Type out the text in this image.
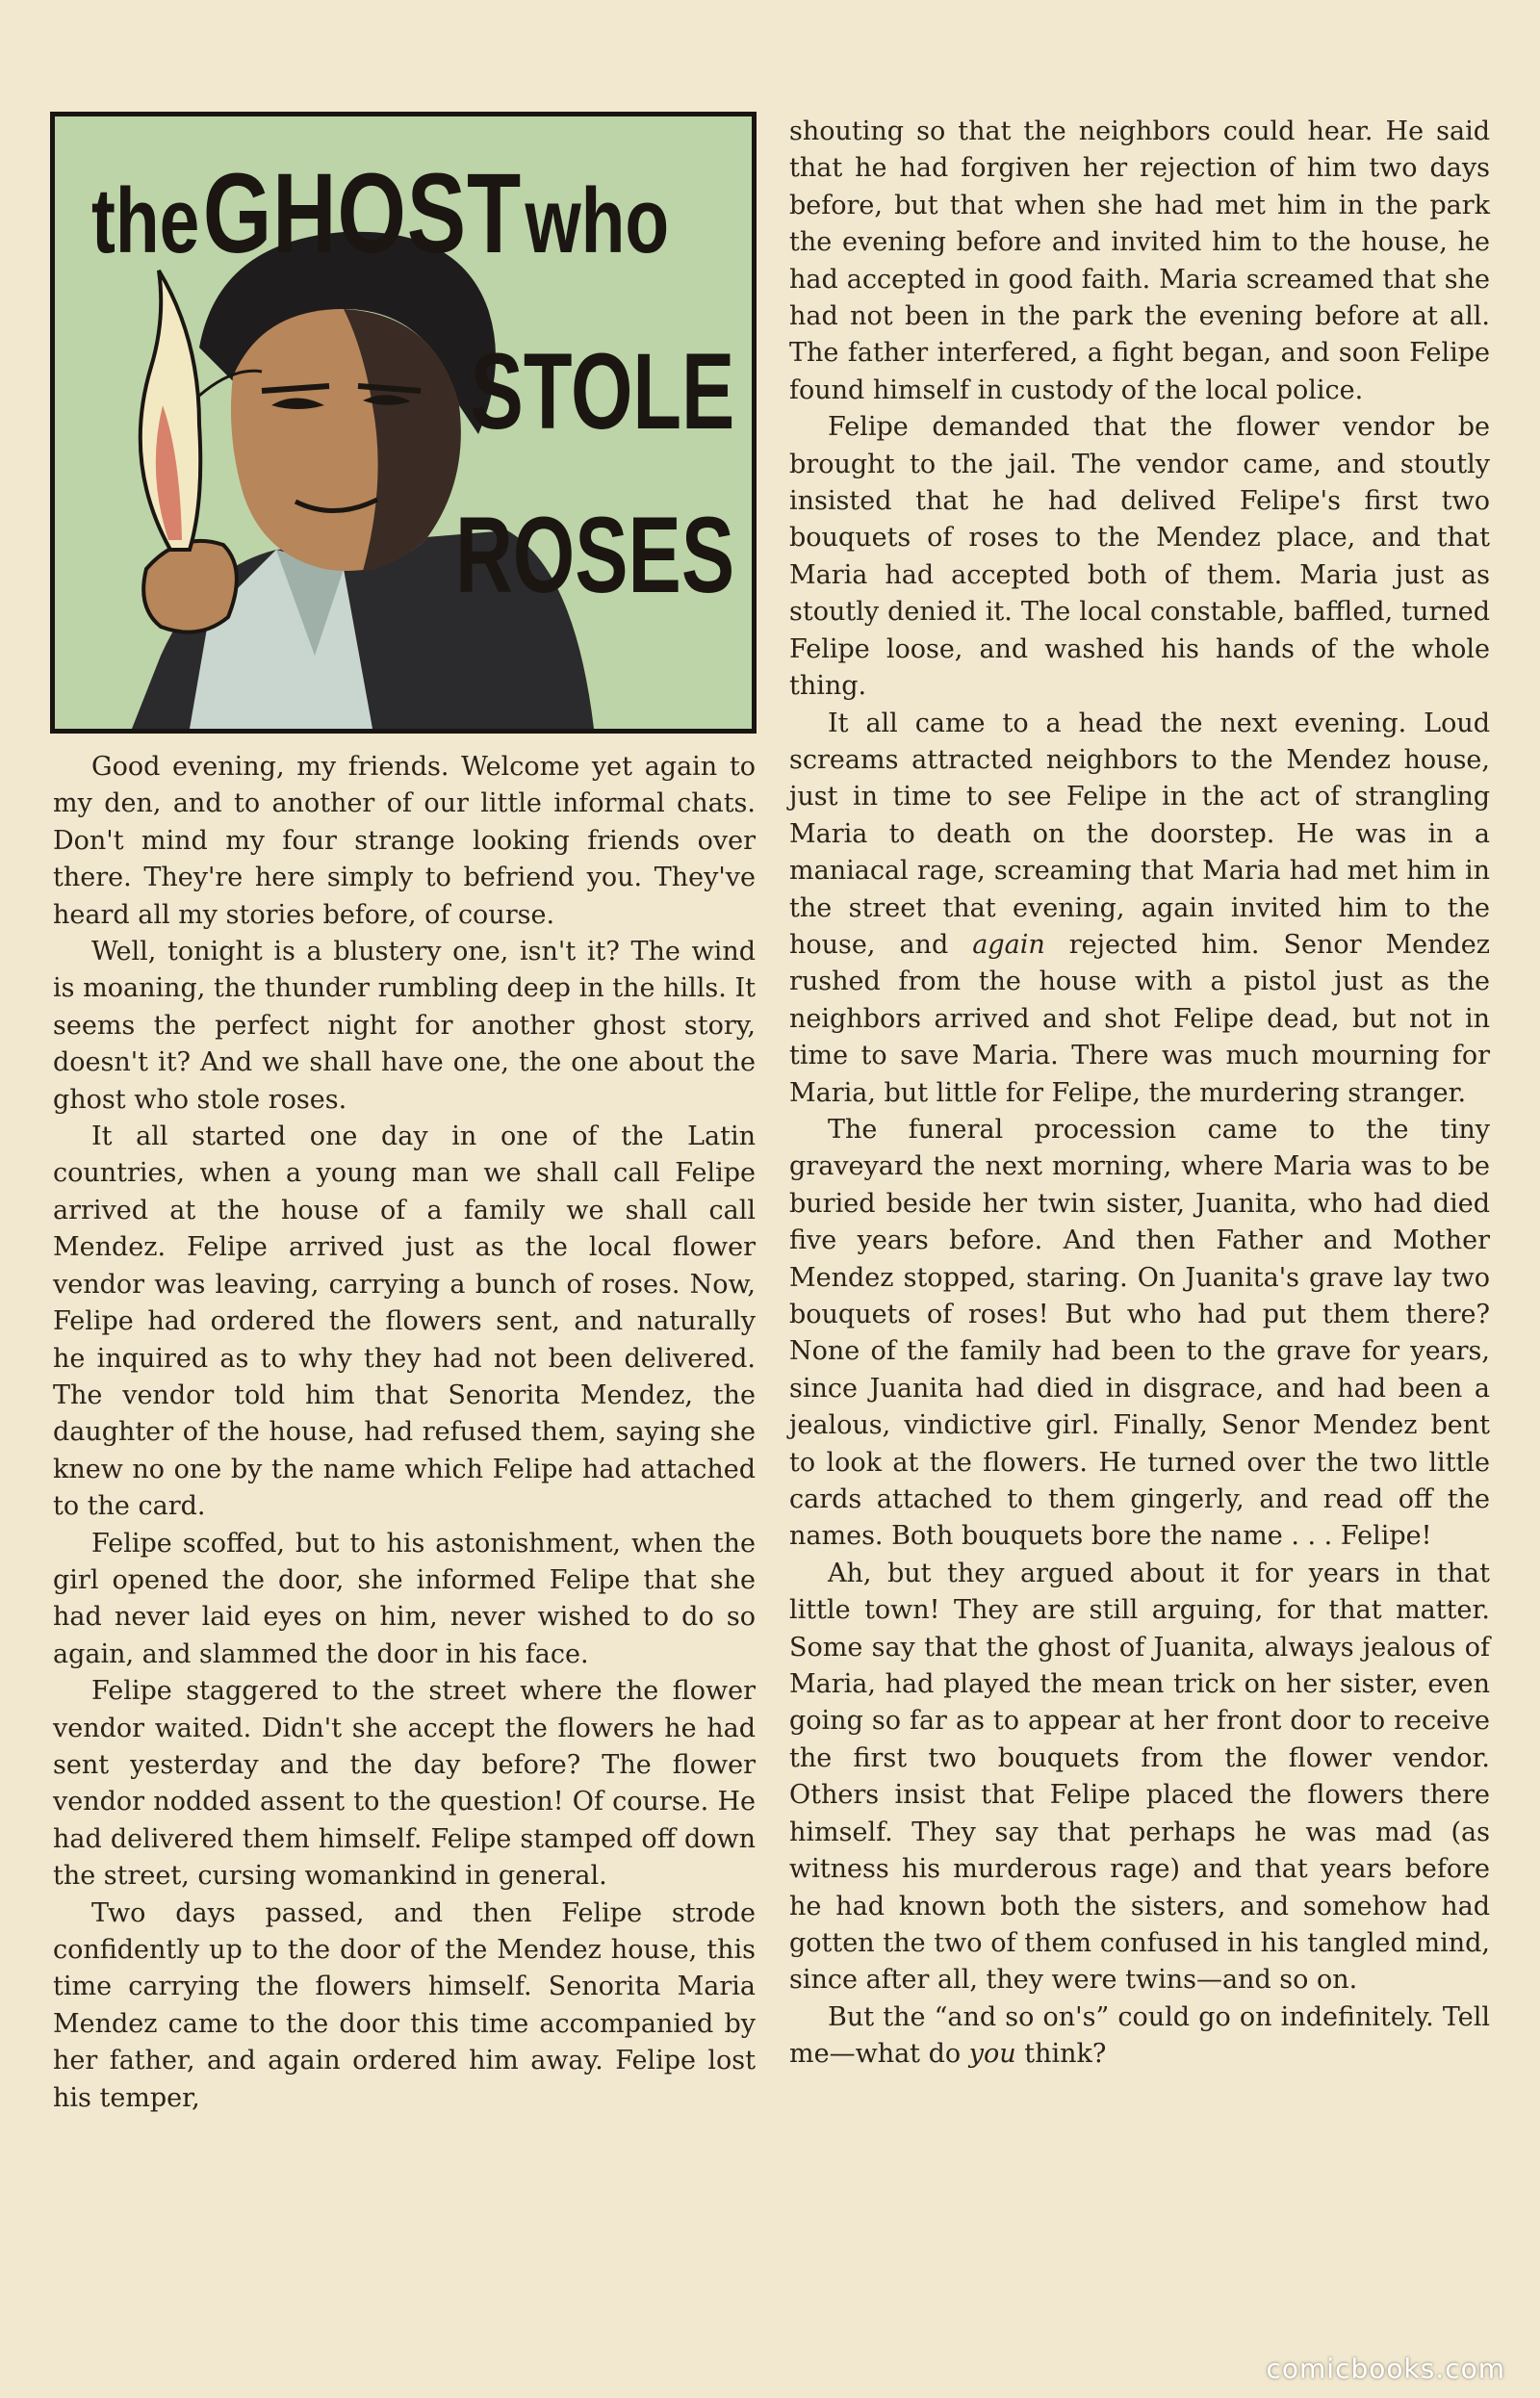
the GHOST who
STOLE
ROSES

Good evening, my friends. Welcome yet again to my den, and to another of our little informal chats. Don't mind my four strange looking friends over there. They're here simply to befriend you. They've heard all my stories before, of course.

Well, tonight is a blustery one, isn't it? The wind is moaning, the thunder rumbling deep in the hills. It seems the perfect night for another ghost story, doesn't it? And we shall have one, the one about the ghost who stole roses.

It all started one day in one of the Latin countries, when a young man we shall call Felipe arrived at the house of a family we shall call Mendez. Felipe arrived just as the local flower vendor was leaving, carrying a bunch of roses. Now, Felipe had ordered the flowers sent, and naturally he inquired as to why they had not been delivered. The vendor told him that Senorita Mendez, the daughter of the house, had refused them, saying she knew no one by the name which Felipe had attached to the card.

Felipe scoffed, but to his astonishment, when the girl opened the door, she informed Felipe that she had never laid eyes on him, never wished to do so again, and slammed the door in his face.

Felipe staggered to the street where the flower vendor waited. Didn't she accept the flowers he had sent yesterday and the day before? The flower vendor nodded assent to the question! Of course. He had delivered them himself. Felipe stamped off down the street, cursing womankind in general.

Two days passed, and then Felipe strode confidently up to the door of the Mendez house, this time carrying the flowers himself. Senorita Maria Mendez came to the door this time accompanied by her father, and again ordered him away. Felipe lost his temper,

shouting so that the neighbors could hear. He said that he had forgiven her rejection of him two days before, but that when she had met him in the park the evening before and invited him to the house, he had accepted in good faith. Maria screamed that she had not been in the park the evening before at all. The father interfered, a fight began, and soon Felipe found himself in custody of the local police.

Felipe demanded that the flower vendor be brought to the jail. The vendor came, and stoutly insisted that he had delived Felipe's first two bouquets of roses to the Mendez place, and that Maria had accepted both of them. Maria just as stoutly denied it. The local constable, baffled, turned Felipe loose, and washed his hands of the whole thing.

It all came to a head the next evening. Loud screams attracted neighbors to the Mendez house, just in time to see Felipe in the act of strangling Maria to death on the doorstep. He was in a maniacal rage, screaming that Maria had met him in the street that evening, again invited him to the house, and again rejected him. Senor Mendez rushed from the house with a pistol just as the neighbors arrived and shot Felipe dead, but not in time to save Maria. There was much mourning for Maria, but little for Felipe, the murdering stranger.

The funeral procession came to the tiny graveyard the next morning, where Maria was to be buried beside her twin sister, Juanita, who had died five years before. And then Father and Mother Mendez stopped, staring. On Juanita's grave lay two bouquets of roses! But who had put them there? None of the family had been to the grave for years, since Juanita had died in disgrace, and had been a jealous, vindictive girl. Finally, Senor Mendez bent to look at the flowers. He turned over the two little cards attached to them gingerly, and read off the names. Both bouquets bore the name . . . Felipe!

Ah, but they argued about it for years in that little town! They are still arguing, for that matter. Some say that the ghost of Juanita, always jealous of Maria, had played the mean trick on her sister, even going so far as to appear at her front door to receive the first two bouquets from the flower vendor. Others insist that Felipe placed the flowers there himself. They say that perhaps he was mad (as witness his murderous rage) and that years before he had known both the sisters, and somehow had gotten the two of them confused in his tangled mind, since after all, they were twins—and so on.

But the “and so on's” could go on indefinitely. Tell me—what do you think?

comicbooks.com
